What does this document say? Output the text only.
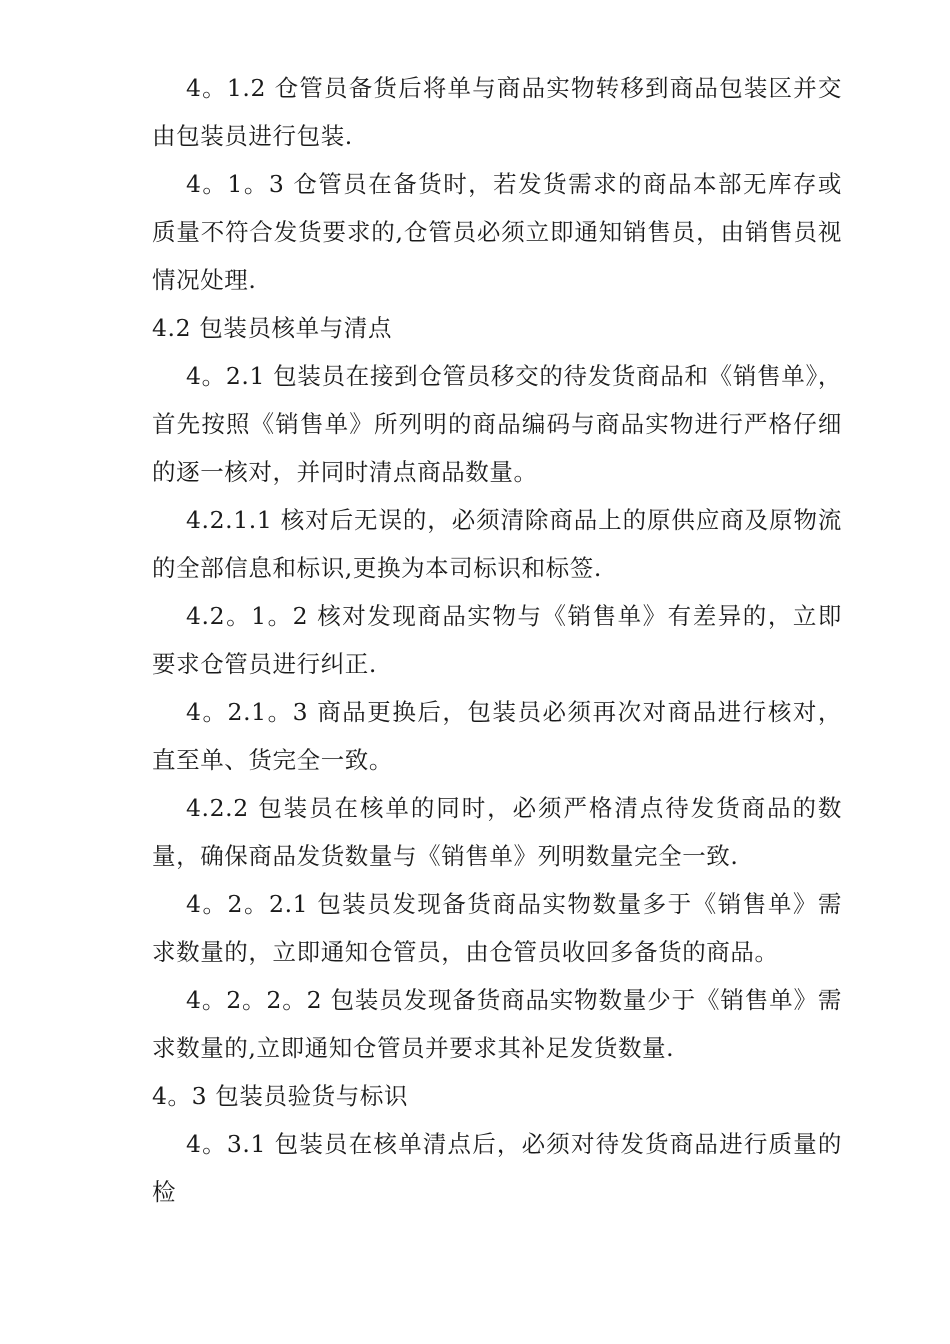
4。1.2 仓管员备货后将单与商品实物转移到商品包装区并交由包装员进行包装.

4。1。3 仓管员在备货时，若发货需求的商品本部无库存或质量不符合发货要求的,仓管员必须立即通知销售员，由销售员视情况处理.

4.2 包装员核单与清点

4。2.1 包装员在接到仓管员移交的待发货商品和《销售单》，首先按照《销售单》所列明的商品编码与商品实物进行严格仔细的逐一核对，并同时清点商品数量。

4.2.1.1 核对后无误的，必须清除商品上的原供应商及原物流的全部信息和标识,更换为本司标识和标签.

4.2。1。2 核对发现商品实物与《销售单》有差异的，立即要求仓管员进行纠正.

4。2.1。3 商品更换后，包装员必须再次对商品进行核对，直至单、货完全一致。

4.2.2 包装员在核单的同时，必须严格清点待发货商品的数量，确保商品发货数量与《销售单》列明数量完全一致.

4。2。2.1 包装员发现备货商品实物数量多于《销售单》需求数量的，立即通知仓管员，由仓管员收回多备货的商品。

4。2。2。2 包装员发现备货商品实物数量少于《销售单》需求数量的,立即通知仓管员并要求其补足发货数量.

4。3 包装员验货与标识

4。3.1 包装员在核单清点后，必须对待发货商品进行质量的检
